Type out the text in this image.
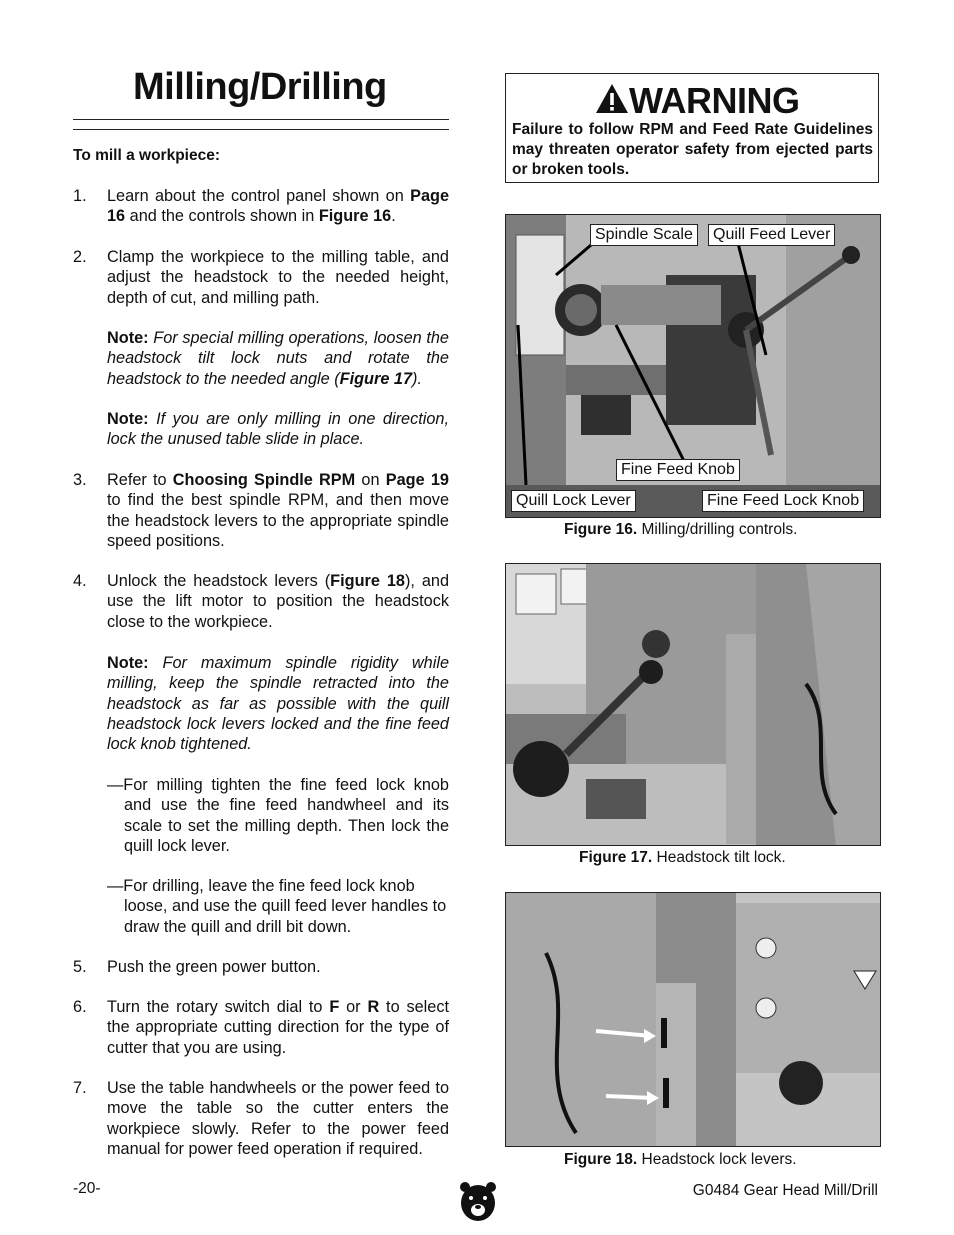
Milling/Drilling
To mill a workpiece:
1. Learn about the control panel shown on Page 16 and the controls shown in Figure 16.
2. Clamp the workpiece to the milling table, and adjust the headstock to the needed height, depth of cut, and milling path.
Note: For special milling operations, loosen the headstock tilt lock nuts and rotate the headstock to the needed angle (Figure 17).
Note: If you are only milling in one direction, lock the unused table slide in place.
3. Refer to Choosing Spindle RPM on Page 19 to find the best spindle RPM, and then move the headstock levers to the appropriate spindle speed positions.
4. Unlock the headstock levers (Figure 18), and use the lift motor to position the headstock close to the workpiece.
Note: For maximum spindle rigidity while milling, keep the spindle retracted into the headstock as far as possible with the quill headstock lock levers locked and the fine feed lock knob tightened.
—For milling tighten the fine feed lock knob and use the fine feed handwheel and its scale to set the milling depth. Then lock the quill lock lever.
—For drilling, leave the fine feed lock knob loose, and use the quill feed lever handles to draw the quill and drill bit down.
5. Push the green power button.
6. Turn the rotary switch dial to F or R to select the appropriate cutting direction for the type of cutter that you are using.
7. Use the table handwheels or the power feed to move the table so the cutter enters the workpiece slowly. Refer to the power feed manual for power feed operation if required.
WARNING
Failure to follow RPM and Feed Rate Guidelines may threaten operator safety from ejected parts or broken tools.
Spindle Scale	Quill Feed Lever
Fine Feed Knob
Quill Lock Lever	Fine Feed Lock Knob
Figure 16. Milling/drilling controls.
Figure 17. Headstock tilt lock.
Figure 18. Headstock lock levers.
-20-	G0484 Gear Head Mill/Drill
